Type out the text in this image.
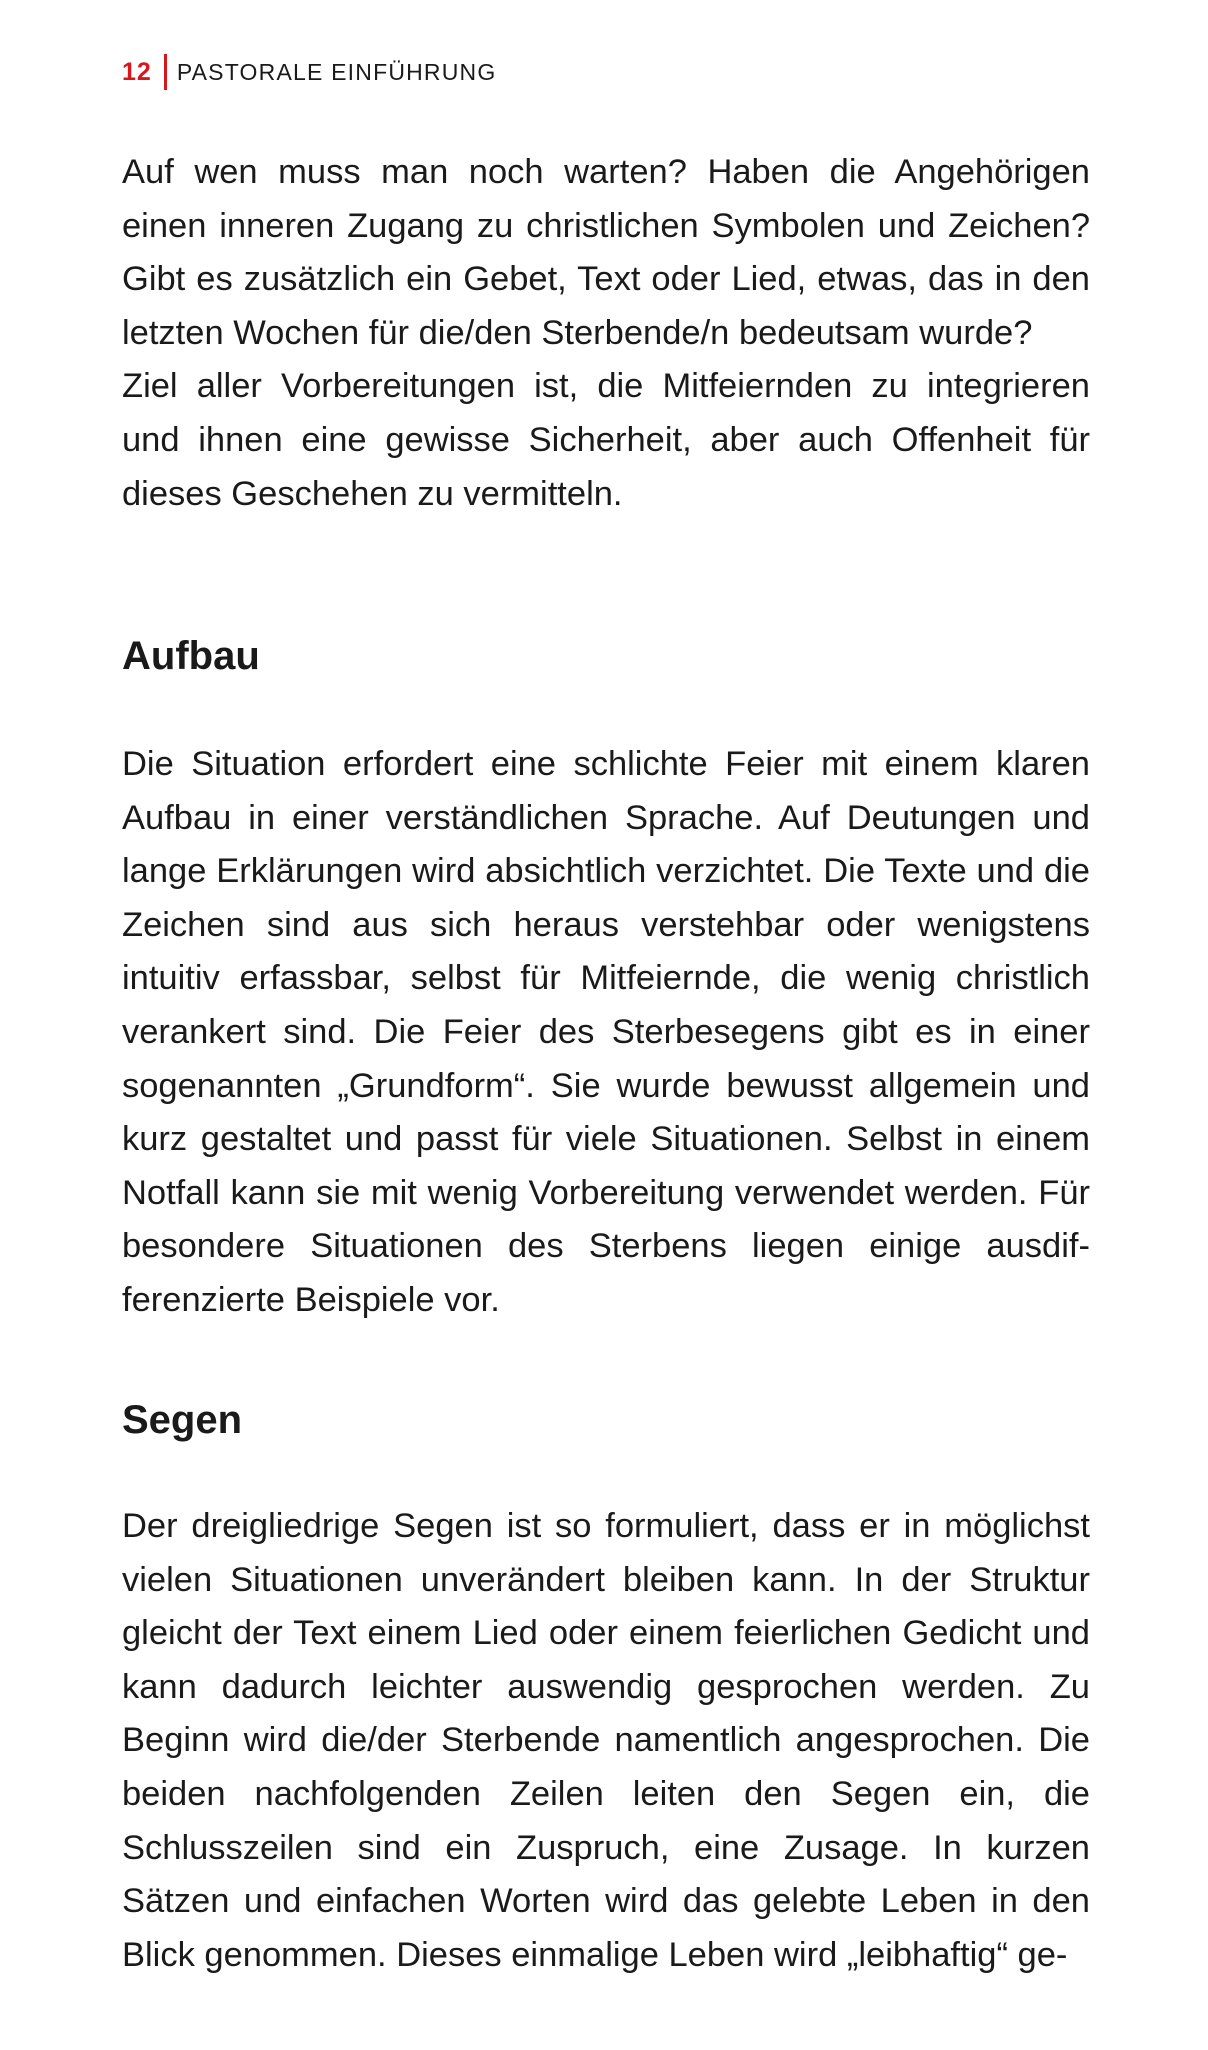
12 PASTORALE EINFÜHRUNG

Auf wen muss man noch warten? Haben die Angehörigen einen inneren Zugang zu christlichen Symbolen und Zeichen? Gibt es zusätzlich ein Gebet, Text oder Lied, etwas, das in den letzten Wochen für die/den Sterbende/n bedeutsam wurde?

Ziel aller Vorbereitungen ist, die Mitfeiernden zu integrieren und ihnen eine gewisse Sicherheit, aber auch Offenheit für dieses Geschehen zu vermitteln.

Aufbau

Die Situation erfordert eine schlichte Feier mit einem klaren Aufbau in einer verständlichen Sprache. Auf Deutungen und lange Erklärungen wird absichtlich verzichtet. Die Texte und die Zeichen sind aus sich heraus verstehbar oder wenigstens intuitiv erfassbar, selbst für Mitfeiernde, die wenig christlich verankert sind. Die Feier des Sterbesegens gibt es in einer sogenannten „Grundform“. Sie wurde bewusst allgemein und kurz gestaltet und passt für viele Situationen. Selbst in einem Notfall kann sie mit wenig Vorbereitung verwendet werden. Für besondere Situationen des Sterbens liegen einige ausdifferenzierte Beispiele vor.

Segen

Der dreigliedrige Segen ist so formuliert, dass er in möglichst vielen Situationen unverändert bleiben kann. In der Struktur gleicht der Text einem Lied oder einem feierlichen Gedicht und kann dadurch leichter auswendig gesprochen werden. Zu Beginn wird die/der Sterbende namentlich angesprochen. Die beiden nachfolgenden Zeilen leiten den Segen ein, die Schlusszeilen sind ein Zuspruch, eine Zusage. In kurzen Sätzen und einfachen Worten wird das gelebte Leben in den Blick genommen. Dieses einmalige Leben wird „leibhaftig“ ge-
